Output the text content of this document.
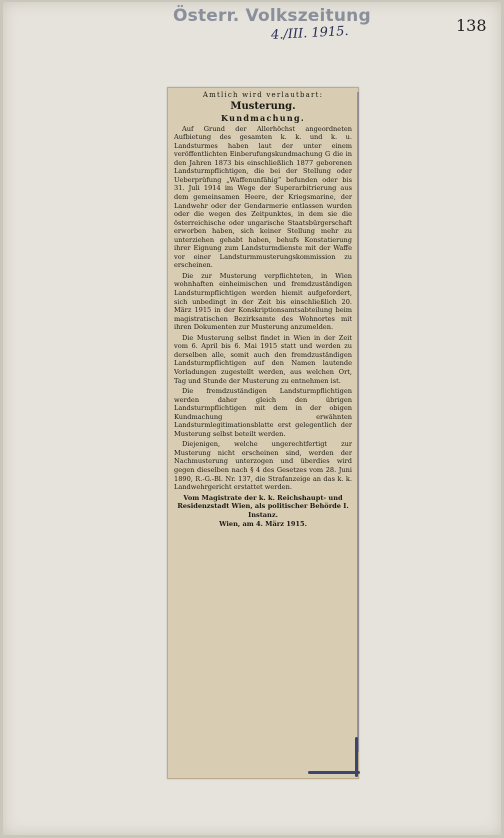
Österr. Volkszeitung
4./III. 1915.	138
Amtlich wird verlautbart:
Musterung.
Kundmachung.

Auf Grund der Allerhöchst angeordneten Aufbietung des gesamten k. k. und k. u. Landsturmes haben laut der unter einem veröffentlichten Einberufungskundmachung G die in den Jahren 1873 bis einschließlich 1877 geborenen Landsturmpflichtigen, die bei der Stellung oder Ueberprüfung „Waffenunfähig“ befunden oder bis 31. Juli 1914 im Wege der Superarbitrierung aus dem gemeinsamen Heere, der Kriegsmarine, der Landwehr oder der Gendarmerie entlassen wurden oder die wegen des Zeitpunktes, in dem sie die österreichische oder ungarische Staatsbürgerschaft erworben haben, sich keiner Stellung mehr zu unterziehen gehabt haben, behufs Konstatierung ihrer Eignung zum Landsturmdienste mit der Waffe vor einer Landsturmmusterungskommission zu erscheinen.

Die zur Musterung verpflichteten, in Wien wohnhaften einheimischen und fremdzuständigen Landsturmpflichtigen werden hiemit aufgefordert, sich unbedingt in der Zeit bis einschließlich 20. März 1915 in der Konskriptionsamtsabteilung beim magistratischen Bezirksamte des Wohnortes mit ihren Dokumenten zur Musterung anzumelden.

Die Musterung selbst findet in Wien in der Zeit vom 6. April bis 6. Mai 1915 statt und werden zu derselben alle, somit auch den fremdzuständigen Landsturmpflichtigen auf den Namen lautende Vorladungen zugestellt werden, aus welchen Ort, Tag und Stunde der Musterung zu entnehmen ist.

Die fremdzuständigen Landsturmpflichtigen werden daher gleich den übrigen Landsturmpflichtigen mit dem in der obigen Kundmachung erwähnten Landsturmlegitimationsblatte erst gelegentlich der Musterung selbst beteilt werden.

Diejenigen, welche ungerechtfertigt zur Musterung nicht erscheinen sind, werden der Nachmusterung unterzogen und überdies wird gegen dieselben nach § 4 des Gesetzes vom 28. Juni 1890, R.-G.-Bl. Nr. 137, die Strafanzeige an das k. k. Landwehrgericht erstattet werden.

Vom Magistrate der k. k. Reichshaupt- und Residenzstadt Wien, als politischer Behörde I. Instanz.
Wien, am 4. März 1915.
